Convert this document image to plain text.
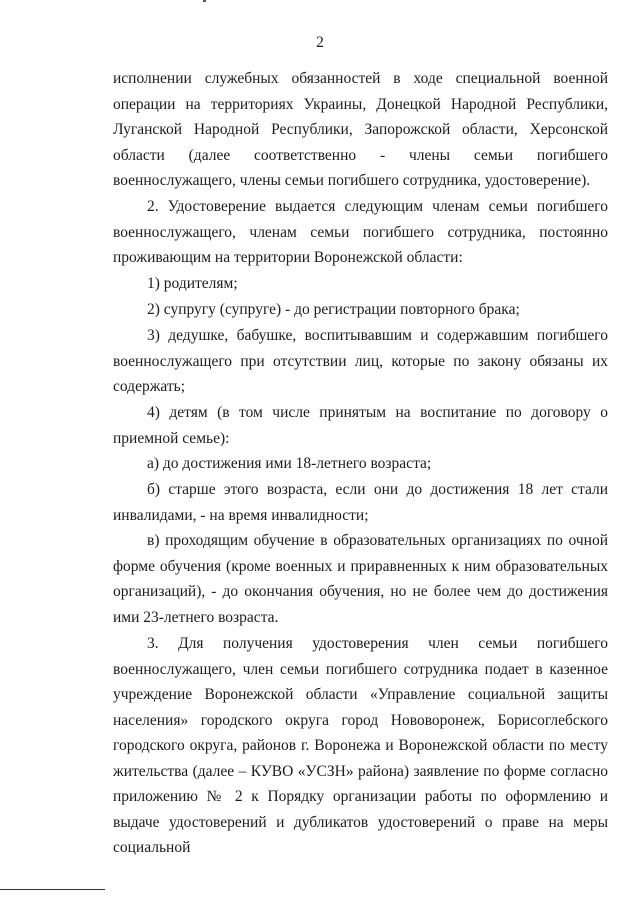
2

исполнении служебных обязанностей в ходе специальной военной операции на территориях Украины, Донецкой Народной Республики, Луганской Народной Республики, Запорожской области, Херсонской области (далее соответственно - члены семьи погибшего военнослужащего, члены семьи погибшего сотрудника, удостоверение).

2. Удостоверение выдается следующим членам семьи погибшего военнослужащего, членам семьи погибшего сотрудника, постоянно проживающим на территории Воронежской области:

1) родителям;

2) супругу (супруге) - до регистрации повторного брака;

3) дедушке, бабушке, воспитывавшим и содержавшим погибшего военнослужащего при отсутствии лиц, которые по закону обязаны их содержать;

4) детям (в том числе принятым на воспитание по договору о приемной семье):

а) до достижения ими 18-летнего возраста;

б) старше этого возраста, если они до достижения 18 лет стали инвалидами, - на время инвалидности;

в) проходящим обучение в образовательных организациях по очной форме обучения (кроме военных и приравненных к ним образовательных организаций), - до окончания обучения, но не более чем до достижения ими 23-летнего возраста.

3. Для получения удостоверения член семьи погибшего военнослужащего, член семьи погибшего сотрудника подает в казенное учреждение Воронежской области «Управление социальной защиты населения» городского округа город Нововоронеж, Борисоглебского городского округа, районов г. Воронежа и Воронежской области по месту жительства (далее – КУВО «УСЗН» района) заявление по форме согласно приложению № 2 к Порядку организации работы по оформлению и выдаче удостоверений и дубликатов удостоверений о праве на меры социальной
